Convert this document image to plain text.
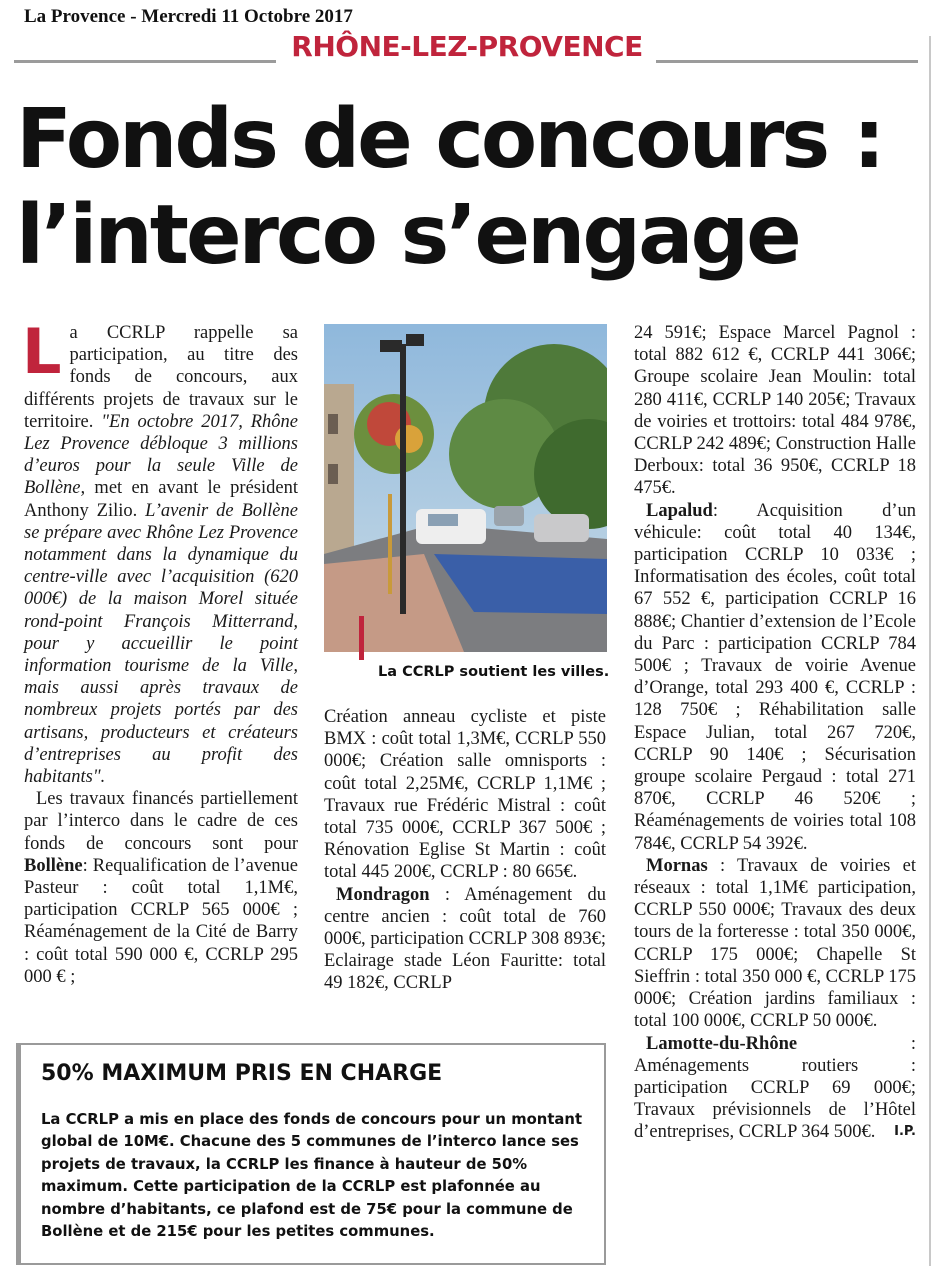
La Provence - Mercredi 11 Octobre 2017
RHÔNE-LEZ-PROVENCE
Fonds de concours :
l’interco s’engage

La CCRLP rappelle sa participation, au titre des fonds de concours, aux différents projets de travaux sur le territoire. "En octobre 2017, Rhône Lez Provence débloque 3 millions d’euros pour la seule Ville de Bollène, met en avant le président Anthony Zilio. L’avenir de Bollène se prépare avec Rhône Lez Provence notamment dans la dynamique du centre-ville avec l’acquisition (620 000€) de la maison Morel située rond-point François Mitterrand, pour y accueillir le point information tourisme de la Ville, mais aussi après travaux de nombreux projets portés par des artisans, producteurs et créateurs d’entreprises au profit des habitants".

Les travaux financés partiellement par l’interco dans le cadre de ces fonds de concours sont pour Bollène: Requalification de l’avenue Pasteur : coût total 1,1M€, participation CCRLP 565 000€ ; Réaménagement de la Cité de Barry : coût total 590 000 €, CCRLP 295 000 € ;

La CCRLP soutient les villes.

Création anneau cycliste et piste BMX : coût total 1,3M€, CCRLP 550 000€; Création salle omnisports : coût total 2,25M€, CCRLP 1,1M€ ; Travaux rue Frédéric Mistral : coût total 735 000€, CCRLP 367 500€ ; Rénovation Eglise St Martin : coût total 445 200€, CCRLP : 80 665€.

Mondragon : Aménagement du centre ancien : coût total de 760 000€, participation CCRLP 308 893€; Eclairage stade Léon Fauritte: total 49 182€, CCRLP

24 591€; Espace Marcel Pagnol : total 882 612 €, CCRLP 441 306€; Groupe scolaire Jean Moulin: total 280 411€, CCRLP 140 205€; Travaux de voiries et trottoirs: total 484 978€, CCRLP 242 489€; Construction Halle Derboux: total 36 950€, CCRLP 18 475€.

Lapalud: Acquisition d’un véhicule: coût total 40 134€, participation CCRLP 10 033€ ; Informatisation des écoles, coût total 67 552 €, participation CCRLP 16 888€; Chantier d’extension de l’Ecole du Parc : participation CCRLP 784 500€ ; Travaux de voirie Avenue d’Orange, total 293 400 €, CCRLP : 128 750€ ; Réhabilitation salle Espace Julian, total 267 720€, CCRLP 90 140€ ; Sécurisation groupe scolaire Pergaud : total 271 870€, CCRLP 46 520€ ; Réaménagements de voiries total 108 784€, CCRLP 54 392€.

Mornas : Travaux de voiries et réseaux : total 1,1M€ participation, CCRLP 550 000€; Travaux des deux tours de la forteresse : total 350 000€, CCRLP 175 000€; Chapelle St Sieffrin : total 350 000 €, CCRLP 175 000€; Création jardins familiaux : total 100 000€, CCRLP 50 000€.

Lamotte-du-Rhône : Aménagements routiers : participation CCRLP 69 000€; Travaux prévisionnels de l’Hôtel d’entreprises, CCRLP 364 500€.	I.P.

50% MAXIMUM PRIS EN CHARGE
La CCRLP a mis en place des fonds de concours pour un montant global de 10M€. Chacune des 5 communes de l’interco lance ses projets de travaux, la CCRLP les finance à hauteur de 50% maximum. Cette participation de la CCRLP est plafonnée au nombre d’habitants, ce plafond est de 75€ pour la commune de Bollène et de 215€ pour les petites communes.
